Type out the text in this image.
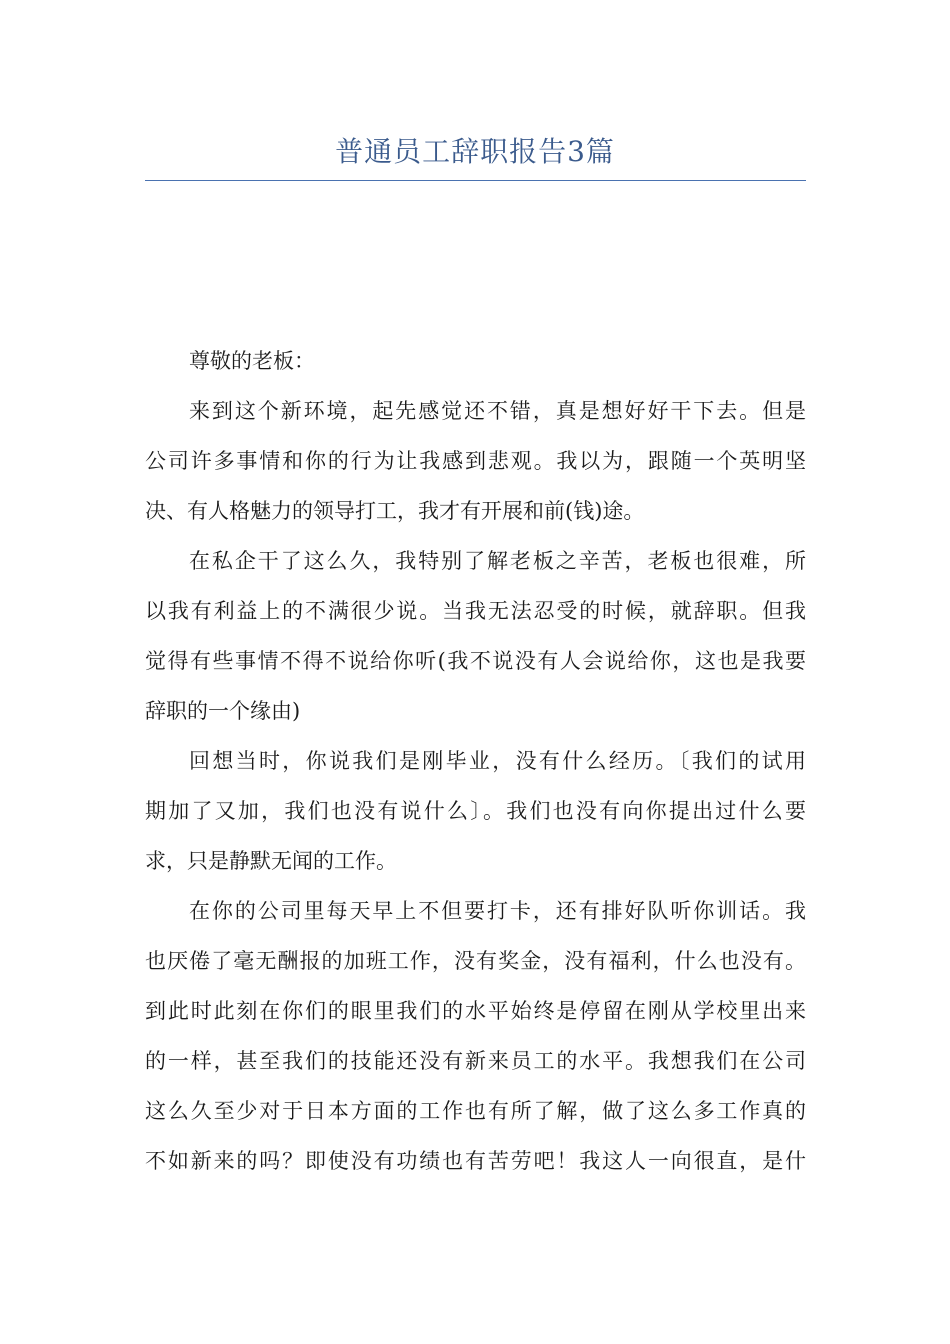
普通员工辞职报告3篇
尊敬的老板：
来到这个新环境，起先感觉还不错，真是想好好干下去。但是
公司许多事情和你的行为让我感到悲观。我以为，跟随一个英明坚
决、有人格魅力的领导打工，我才有开展和前(钱)途。
在私企干了这么久，我特别了解老板之辛苦，老板也很难，所
以我有利益上的不满很少说。当我无法忍受的时候，就辞职。但我
觉得有些事情不得不说给你听(我不说没有人会说给你，这也是我要
辞职的一个缘由)
回想当时，你说我们是刚毕业，没有什么经历。〔我们的试用
期加了又加，我们也没有说什么〕。我们也没有向你提出过什么要
求，只是静默无闻的工作。
在你的公司里每天早上不但要打卡，还有排好队听你训话。我
也厌倦了毫无酬报的加班工作，没有奖金，没有福利，什么也没有。
到此时此刻在你们的眼里我们的水平始终是停留在刚从学校里出来
的一样，甚至我们的技能还没有新来员工的水平。我想我们在公司
这么久至少对于日本方面的工作也有所了解，做了这么多工作真的
不如新来的吗？即使没有功绩也有苦劳吧！我这人一向很直，是什
